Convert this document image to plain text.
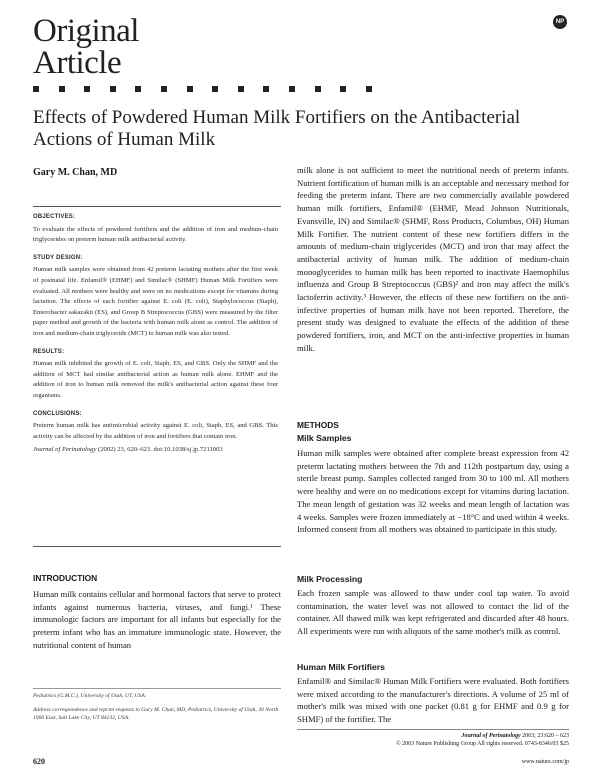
Original
Article
NP
Effects of Powdered Human Milk Fortifiers on the Antibacterial
Actions of Human Milk
Gary M. Chan, MD
OBJECTIVES:

To evaluate the effects of powdered fortifiers and the addition of iron and medium-chain triglycerides on preterm human milk antibacterial activity.

STUDY DESIGN:

Human milk samples were obtained from 42 preterm lactating mothers after the first week of postnatal life. Enfamil® (EHMF) and Similac® (SHMF) Human Milk Fortifiers were evaluated. All mothers were healthy and were on no medications except for vitamins during lactation. The effects of each fortifier against E. coli (E. coli), Staphylococcus (Staph), Enterobacter sakazakii (ES), and Group B Streptococcus (GBS) were measured by the filter paper method and growth of the bacteria with human milk alone as control. The addition of iron and medium-chain triglyceride (MCT) to human milk was also tested.

RESULTS:

Human milk inhibited the growth of E. coli, Staph, ES, and GBS. Only the SHMF and the addition of MCT had similar antibacterial action as human milk alone. EHMF and the addition of iron to human milk removed the milk's antibacterial action against these four organisms.

CONCLUSIONS:

Preterm human milk has antimicrobial activity against E. coli, Staph, ES, and GBS. This activity can be affected by the addition of iron and fortifiers that contain iron.

Journal of Perinatology (2002) 23, 620–623. doi:10.1038/sj.jp.7211003

INTRODUCTION

Human milk contains cellular and hormonal factors that serve to protect infants against numerous bacteria, viruses, and fungi.¹ These immunologic factors are important for all infants but especially for the preterm infant who has an immature immunologic state. However, the nutritional content of human

Pediatrics (G.M.C.), University of Utah, UT, USA.
Address correspondence and reprint requests to Gary M. Chan, MD, Pediatrics, University of Utah, 30 North 1900 East, Salt Lake City, UT 84132, USA.

milk alone is not sufficient to meet the nutritional needs of preterm infants. Nutrient fortification of human milk is an acceptable and necessary method for feeding the preterm infant. There are two commercially available powdered human milk fortifiers, Enfamil® (EHMF, Mead Johnson Nutritionals, Evansville, IN) and Similac® (SHMF, Ross Products, Columbus, OH) Human Milk Fortifier. The nutrient content of these new fortifiers differs in the amounts of medium-chain triglycerides (MCT) and iron that may affect the antibacterial activity of human milk. The addition of medium-chain monoglycerides to human milk has been reported to inactivate Haemophilus influenza and Group B Streptococcus (GBS)² and iron may affect the milk's lactoferrin activity.³ However, the effects of these new fortifiers on the anti-infective properties of human milk have not been reported. Therefore, the present study was designed to evaluate the effects of the addition of these powdered fortifiers, iron, and MCT on the anti-infective properties in human milk.

METHODS
Milk Samples

Human milk samples were obtained after complete breast expression from 42 preterm lactating mothers between the 7th and 112th postpartum day, using a sterile breast pump. Samples collected ranged from 30 to 100 ml. All mothers were healthy and were on no medications except for vitamins during lactation. The mean length of gestation was 32 weeks and mean length of lactation was 4 weeks. Samples were frozen immediately at −18°C and used within 4 weeks. Informed consent from all mothers was obtained to participate in this study.

Milk Processing

Each frozen sample was allowed to thaw under cool tap water. To avoid contamination, the water level was not allowed to contact the lid of the container. All thawed milk was kept refrigerated and discarded after 48 hours. All experiments were run with aliquots of the same mother's milk as control.

Human Milk Fortifiers

Enfamil® and Similac® Human Milk Fortifiers were evaluated. Both fortifiers were mixed according to the manufacturer's directions. A volume of 25 ml of mother's milk was mixed with one packet (0.81 g for EHMF and 0.9 g for SHMF) of the fortifier. The

Journal of Perinatology 2003; 23:620 – 623
© 2003 Nature Publishing Group All rights reserved. 0743-8346/03 $25
620	www.nature.com/jp
